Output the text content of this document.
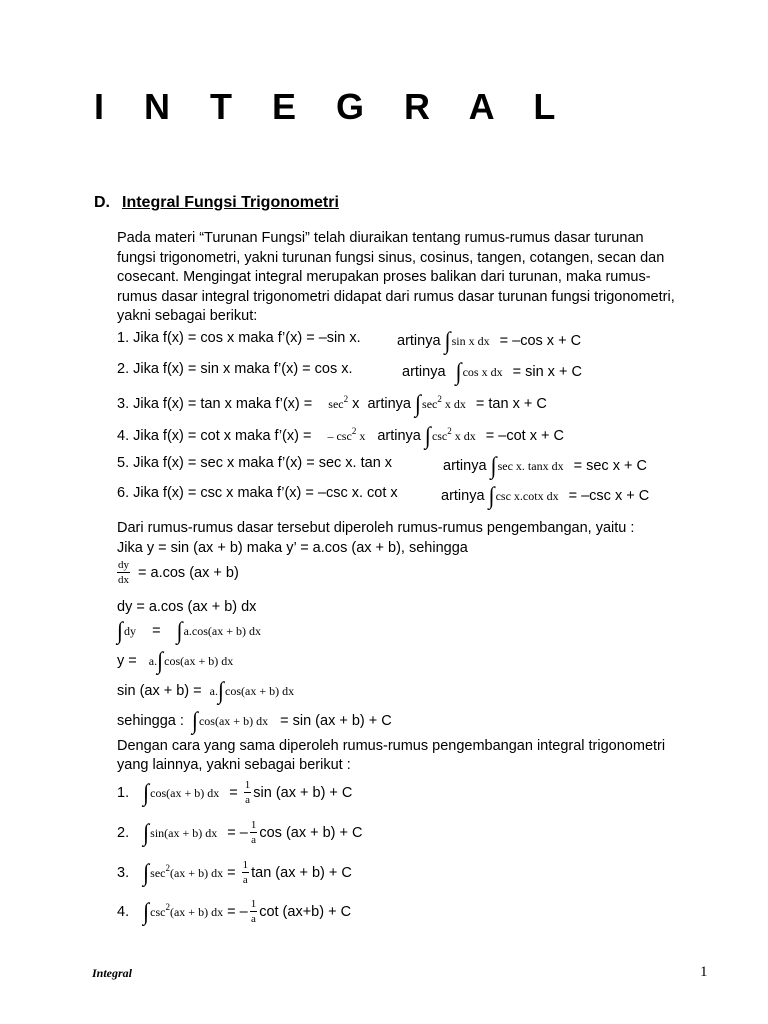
I N T E G R A L
D. Integral Fungsi Trigonometri
Pada materi “Turunan Fungsi” telah diuraikan tentang rumus-rumus dasar turunan
fungsi trigonometri, yakni turunan fungsi sinus, cosinus, tangen, cotangen, secan dan
cosecant. Mengingat integral merupakan proses balikan dari turunan, maka rumus-
rumus dasar integral trigonometri didapat dari rumus dasar turunan fungsi trigonometri,
yakni sebagai berikut:
1. Jika f(x) = cos x maka f’(x) = –sin x.	artinya ∫sin x dx = –cos x + C
2. Jika f(x) = sin x maka f’(x) = cos x.	artinya ∫cos x dx = sin x + C
3. Jika f(x) = tan x maka f’(x) = $\sec^2 x$ artinya $\int\sec^2$ x dx = tan x + C
4. Jika f(x) = cot x maka f’(x) = – $\csc^2 x$ artinya $\int\csc^2$ x dx = –cot x + C
5. Jika f(x) = sec x maka f’(x) = sec x. tan x	artinya ∫sec x. tanx dx = sec x + C
6. Jika f(x) = csc x maka f’(x) = –csc x. cot x	artinya ∫csc x.cotx dx = –csc x + C
Dari rumus-rumus dasar tersebut diperoleh rumus-rumus pengembangan, yaitu :
Jika y = sin (ax + b) maka y’ = a.cos (ax + b), sehingga
$\frac{dy}{dx} = a.\cos$ (ax + b)
dy = a.cos (ax + b) dx
∫dy = ∫a.cos(ax + b) dx
y = a.∫cos(ax + b) dx
sin (ax + b) = a.∫cos(ax + b) dx
sehingga : ∫cos(ax + b) dx = sin (ax + b) + C
Dengan cara yang sama diperoleh rumus-rumus pengembangan integral trigonometri
yang lainnya, yakni sebagai berikut :
1. ∫cos(ax + b) dx = $\frac{1}{a}$ sin (ax + b) + C
2. ∫sin(ax + b) dx = – $\frac{1}{a}$ cos (ax + b) + C
3. $\int\sec^2(ax + b)$ dx = $\frac{1}{a}$ tan (ax + b) + C
4. $\int\csc^2(ax + b)$ dx = – $\frac{1}{a}$ cot (ax+b) + C
Integral	1
